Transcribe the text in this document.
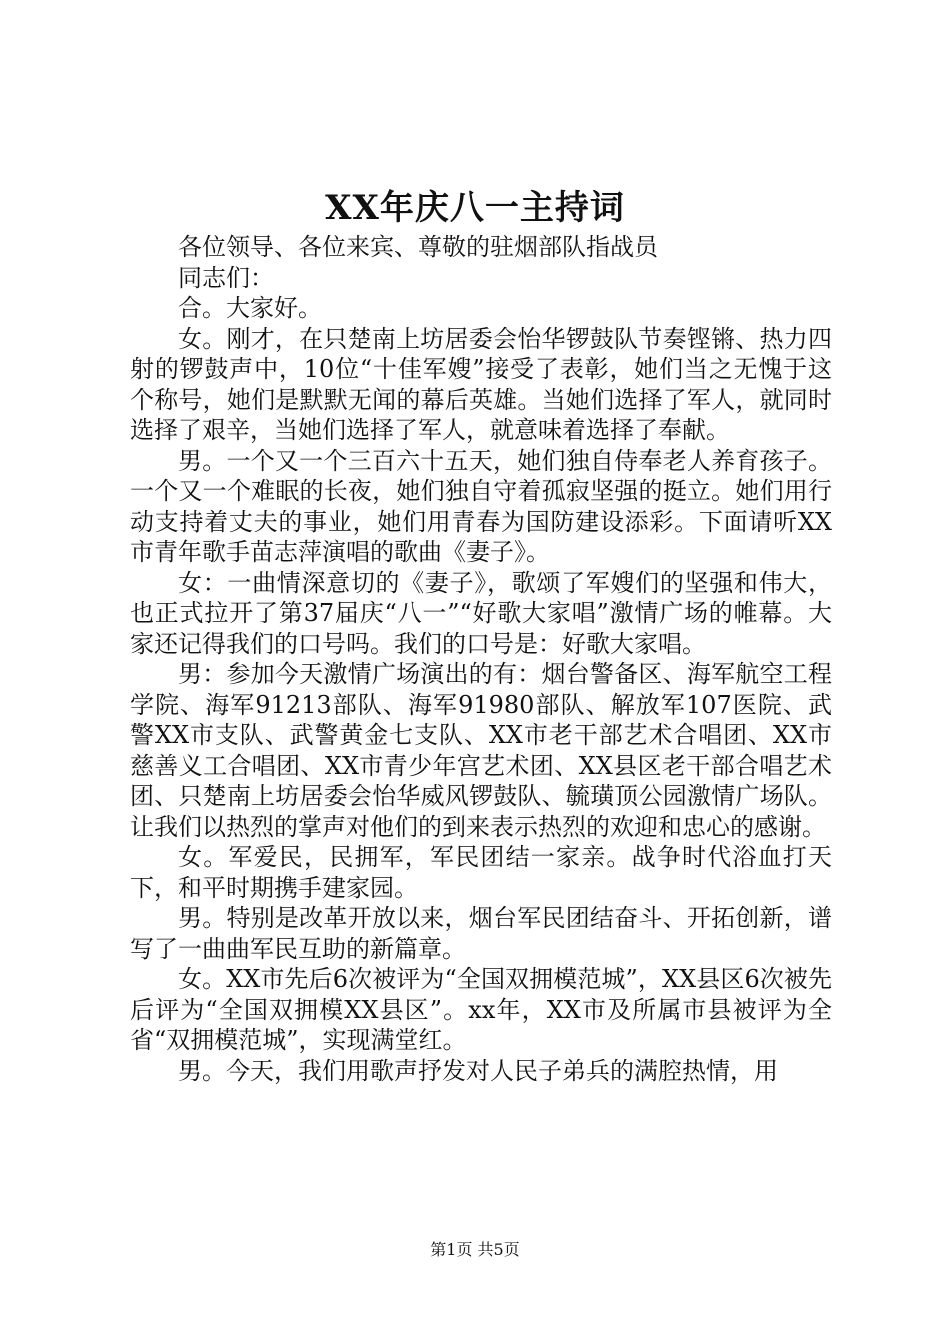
XX年庆八一主持词

各位领导、各位来宾、尊敬的驻烟部队指战员

同志们：

合。大家好。

女。刚才，在只楚南上坊居委会怡华锣鼓队节奏铿锵、热力四射的锣鼓声中，10位“十佳军嫂”接受了表彰，她们当之无愧于这个称号，她们是默默无闻的幕后英雄。当她们选择了军人，就同时选择了艰辛，当她们选择了军人，就意味着选择了奉献。

男。一个又一个三百六十五天，她们独自侍奉老人养育孩子。一个又一个难眠的长夜，她们独自守着孤寂坚强的挺立。她们用行动支持着丈夫的事业，她们用青春为国防建设添彩。下面请听XX市青年歌手苗志萍演唱的歌曲《妻子》。

女：一曲情深意切的《妻子》，歌颂了军嫂们的坚强和伟大，也正式拉开了第37届庆“八一”“好歌大家唱”激情广场的帷幕。大家还记得我们的口号吗。我们的口号是：好歌大家唱。

男：参加今天激情广场演出的有：烟台警备区、海军航空工程学院、海军91213部队、海军91980部队、解放军107医院、武警XX市支队、武警黄金七支队、XX市老干部艺术合唱团、XX市慈善义工合唱团、XX市青少年宫艺术团、XX县区老干部合唱艺术团、只楚南上坊居委会怡华威风锣鼓队、毓璜顶公园激情广场队。让我们以热烈的掌声对他们的到来表示热烈的欢迎和忠心的感谢。

女。军爱民，民拥军，军民团结一家亲。战争时代浴血打天下，和平时期携手建家园。

男。特别是改革开放以来，烟台军民团结奋斗、开拓创新，谱写了一曲曲军民互助的新篇章。

女。XX市先后6次被评为“全国双拥模范城”，XX县区6次被先后评为“全国双拥模XX县区”。xx年，XX市及所属市县被评为全省“双拥模范城”，实现满堂红。

男。今天，我们用歌声抒发对人民子弟兵的满腔热情，用

第1页 共5页
